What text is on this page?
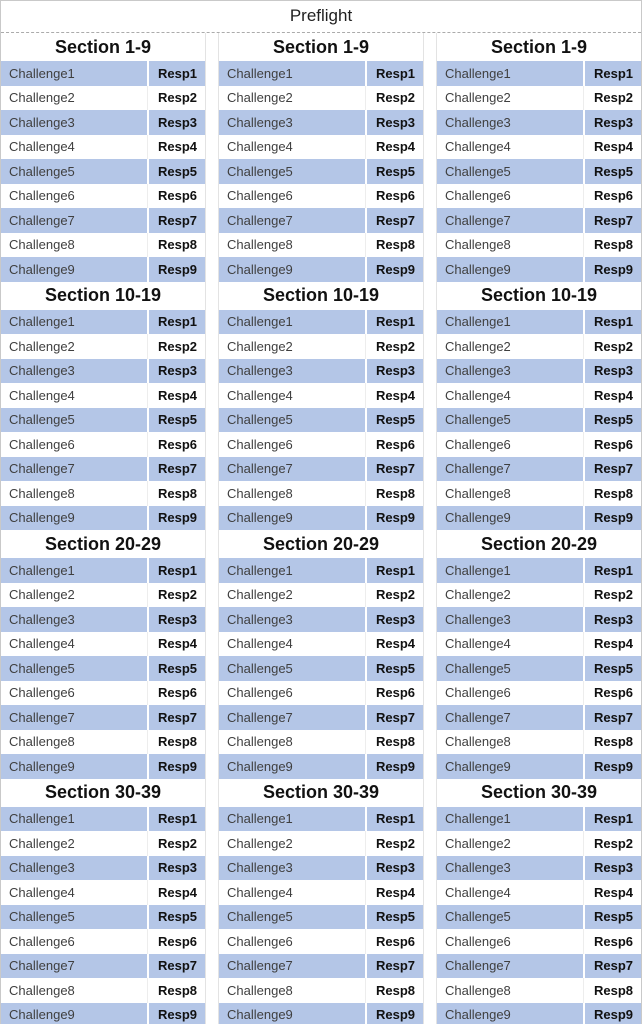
Preflight
Section 1-9
Challenge1	Resp1
Challenge2	Resp2
Challenge3	Resp3
Challenge4	Resp4
Challenge5	Resp5
Challenge6	Resp6
Challenge7	Resp7
Challenge8	Resp8
Challenge9	Resp9
Section 10-19
Challenge1	Resp1
Challenge2	Resp2
Challenge3	Resp3
Challenge4	Resp4
Challenge5	Resp5
Challenge6	Resp6
Challenge7	Resp7
Challenge8	Resp8
Challenge9	Resp9
Section 20-29
Challenge1	Resp1
Challenge2	Resp2
Challenge3	Resp3
Challenge4	Resp4
Challenge5	Resp5
Challenge6	Resp6
Challenge7	Resp7
Challenge8	Resp8
Challenge9	Resp9
Section 30-39
Challenge1	Resp1
Challenge2	Resp2
Challenge3	Resp3
Challenge4	Resp4
Challenge5	Resp5
Challenge6	Resp6
Challenge7	Resp7
Challenge8	Resp8
Challenge9	Resp9
Section 1-9
Challenge1	Resp1
Challenge2	Resp2
Challenge3	Resp3
Challenge4	Resp4
Challenge5	Resp5
Challenge6	Resp6
Challenge7	Resp7
Challenge8	Resp8
Challenge9	Resp9
Section 10-19
Challenge1	Resp1
Challenge2	Resp2
Challenge3	Resp3
Challenge4	Resp4
Challenge5	Resp5
Challenge6	Resp6
Challenge7	Resp7
Challenge8	Resp8
Challenge9	Resp9
Section 20-29
Challenge1	Resp1
Challenge2	Resp2
Challenge3	Resp3
Challenge4	Resp4
Challenge5	Resp5
Challenge6	Resp6
Challenge7	Resp7
Challenge8	Resp8
Challenge9	Resp9
Section 30-39
Challenge1	Resp1
Challenge2	Resp2
Challenge3	Resp3
Challenge4	Resp4
Challenge5	Resp5
Challenge6	Resp6
Challenge7	Resp7
Challenge8	Resp8
Challenge9	Resp9
Section 1-9
Challenge1	Resp1
Challenge2	Resp2
Challenge3	Resp3
Challenge4	Resp4
Challenge5	Resp5
Challenge6	Resp6
Challenge7	Resp7
Challenge8	Resp8
Challenge9	Resp9
Section 10-19
Challenge1	Resp1
Challenge2	Resp2
Challenge3	Resp3
Challenge4	Resp4
Challenge5	Resp5
Challenge6	Resp6
Challenge7	Resp7
Challenge8	Resp8
Challenge9	Resp9
Section 20-29
Challenge1	Resp1
Challenge2	Resp2
Challenge3	Resp3
Challenge4	Resp4
Challenge5	Resp5
Challenge6	Resp6
Challenge7	Resp7
Challenge8	Resp8
Challenge9	Resp9
Section 30-39
Challenge1	Resp1
Challenge2	Resp2
Challenge3	Resp3
Challenge4	Resp4
Challenge5	Resp5
Challenge6	Resp6
Challenge7	Resp7
Challenge8	Resp8
Challenge9	Resp9
